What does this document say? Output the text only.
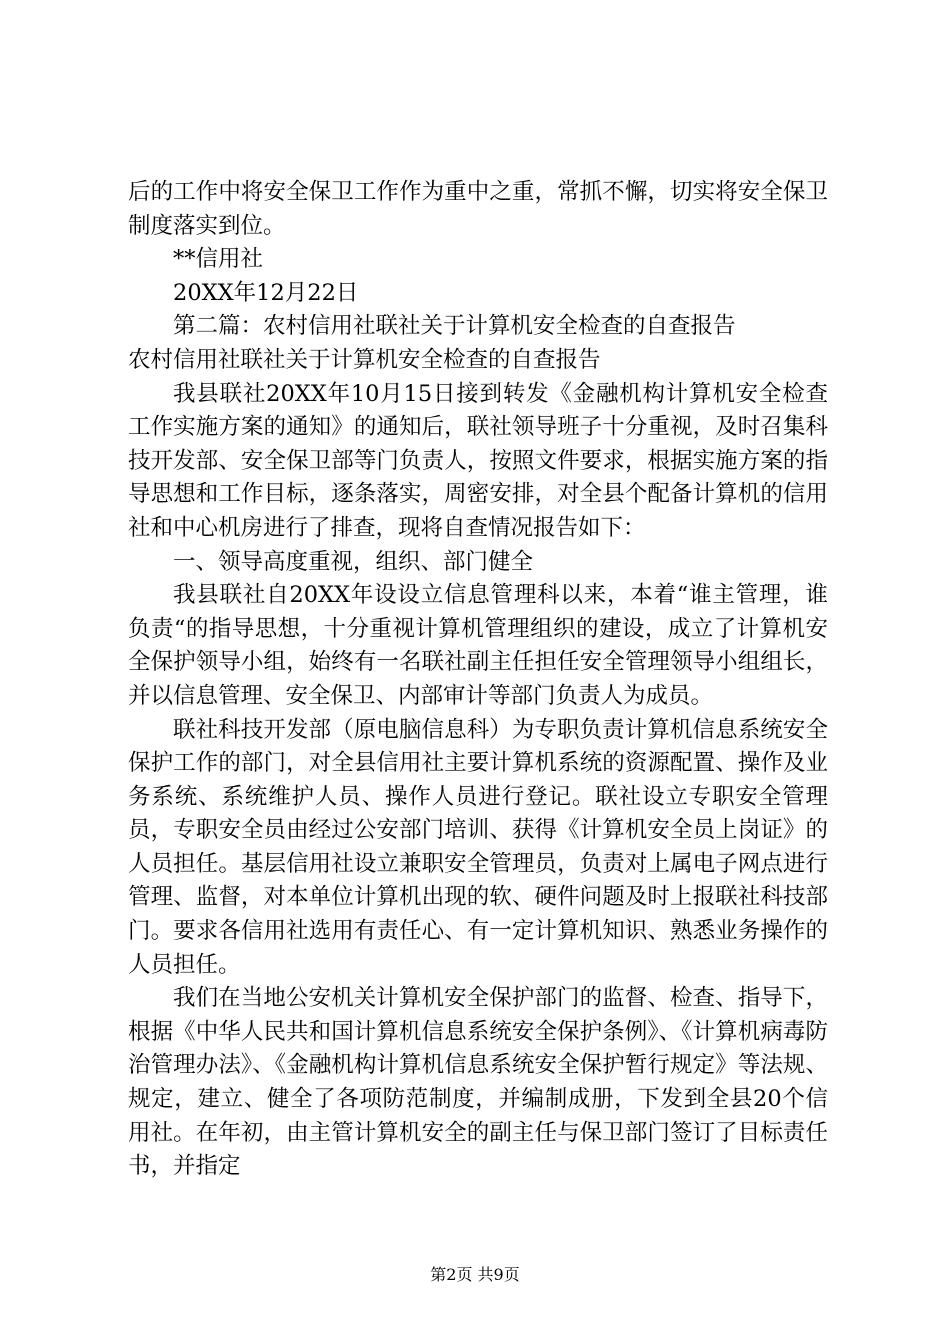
后的工作中将安全保卫工作作为重中之重，常抓不懈，切实将安全保卫制度落实到位。

**信用社

20XX年12月22日

第二篇：农村信用社联社关于计算机安全检查的自查报告

农村信用社联社关于计算机安全检查的自查报告

我县联社20XX年10月15日接到转发《金融机构计算机安全检查工作实施方案的通知》的通知后，联社领导班子十分重视，及时召集科技开发部、安全保卫部等门负责人，按照文件要求，根据实施方案的指导思想和工作目标，逐条落实，周密安排，对全县个配备计算机的信用社和中心机房进行了排查，现将自查情况报告如下：

一、领导高度重视，组织、部门健全

我县联社自20XX年设设立信息管理科以来，本着“谁主管理，谁负责“的指导思想，十分重视计算机管理组织的建设，成立了计算机安全保护领导小组，始终有一名联社副主任担任安全管理领导小组组长，并以信息管理、安全保卫、内部审计等部门负责人为成员。

联社科技开发部（原电脑信息科）为专职负责计算机信息系统安全保护工作的部门，对全县信用社主要计算机系统的资源配置、操作及业务系统、系统维护人员、操作人员进行登记。联社设立专职安全管理员，专职安全员由经过公安部门培训、获得《计算机安全员上岗证》的人员担任。基层信用社设立兼职安全管理员，负责对上属电子网点进行管理、监督，对本单位计算机出现的软、硬件问题及时上报联社科技部门。要求各信用社选用有责任心、有一定计算机知识、熟悉业务操作的人员担任。

我们在当地公安机关计算机安全保护部门的监督、检查、指导下，根据《中华人民共和国计算机信息系统安全保护条例》、《计算机病毒防治管理办法》、《金融机构计算机信息系统安全保护暂行规定》等法规、规定，建立、健全了各项防范制度，并编制成册，下发到全县20个信用社。在年初，由主管计算机安全的副主任与保卫部门签订了目标责任书，并指定

第2页 共9页
